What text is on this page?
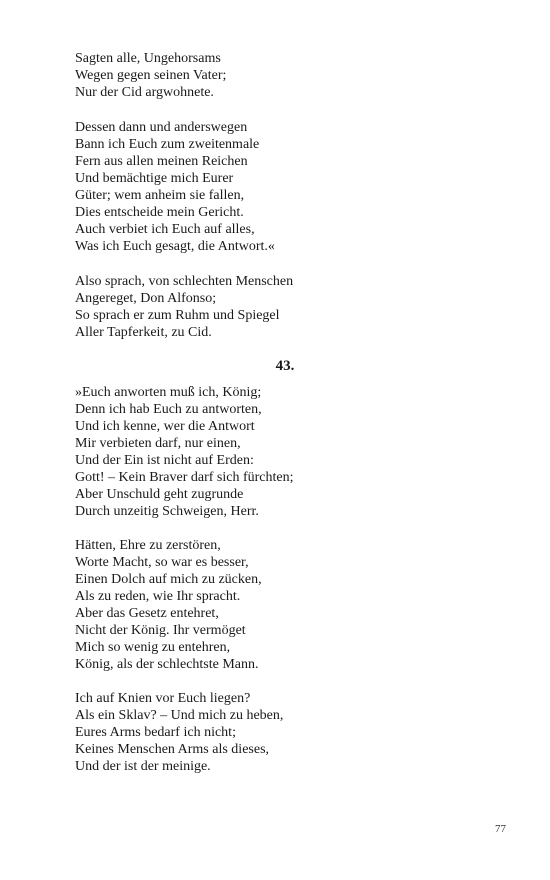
Sagten alle, Ungehorsams
Wegen gegen seinen Vater;
Nur der Cid argwohnete.
Dessen dann und anderswegen
Bann ich Euch zum zweitenmale
Fern aus allen meinen Reichen
Und bemächtige mich Eurer
Güter; wem anheim sie fallen,
Dies entscheide mein Gericht.
Auch verbiet ich Euch auf alles,
Was ich Euch gesagt, die Antwort.«
Also sprach, von schlechten Menschen
Angereget, Don Alfonso;
So sprach er zum Ruhm und Spiegel
Aller Tapferkeit, zu Cid.
43.
»Euch anworten muß ich, König;
Denn ich hab Euch zu antworten,
Und ich kenne, wer die Antwort
Mir verbieten darf, nur einen,
Und der Ein ist nicht auf Erden:
Gott! – Kein Braver darf sich fürchten;
Aber Unschuld geht zugrunde
Durch unzeitig Schweigen, Herr.
Hätten, Ehre zu zerstören,
Worte Macht, so war es besser,
Einen Dolch auf mich zu zücken,
Als zu reden, wie Ihr spracht.
Aber das Gesetz entehret,
Nicht der König. Ihr vermöget
Mich so wenig zu entehren,
König, als der schlechtste Mann.
Ich auf Knien vor Euch liegen?
Als ein Sklav? – Und mich zu heben,
Eures Arms bedarf ich nicht;
Keines Menschen Arms als dieses,
Und der ist der meinige.
77
